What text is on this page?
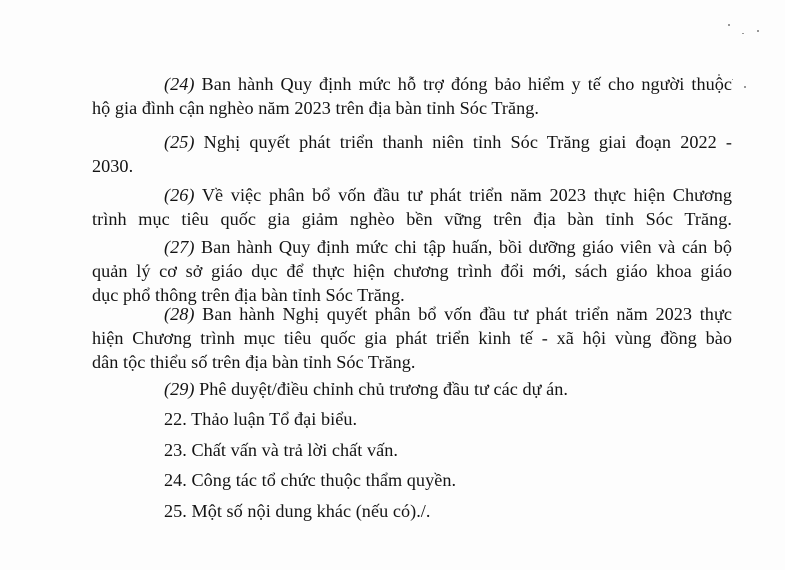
(24) Ban hành Quy định mức hỗ trợ đóng bảo hiểm y tế cho người thuộc
hộ gia đình cận nghèo năm 2023 trên địa bàn tỉnh Sóc Trăng.
(25) Nghị quyết phát triển thanh niên tỉnh Sóc Trăng giai đoạn 2022 -
2030.
(26) Về việc phân bổ vốn đầu tư phát triển năm 2023 thực hiện Chương
trình mục tiêu quốc gia giảm nghèo bền vững trên địa bàn tỉnh Sóc Trăng.
(27) Ban hành Quy định mức chi tập huấn, bồi dưỡng giáo viên và cán bộ
quản lý cơ sở giáo dục để thực hiện chương trình đổi mới, sách giáo khoa giáo
dục phổ thông trên địa bàn tỉnh Sóc Trăng.
(28) Ban hành Nghị quyết phân bổ vốn đầu tư phát triển năm 2023 thực
hiện Chương trình mục tiêu quốc gia phát triển kinh tế - xã hội vùng đồng bào
dân tộc thiểu số trên địa bàn tỉnh Sóc Trăng.
(29) Phê duyệt/điều chỉnh chủ trương đầu tư các dự án.

22. Thảo luận Tổ đại biểu.

23. Chất vấn và trả lời chất vấn.

24. Công tác tổ chức thuộc thẩm quyền.

25. Một số nội dung khác (nếu có)./.
